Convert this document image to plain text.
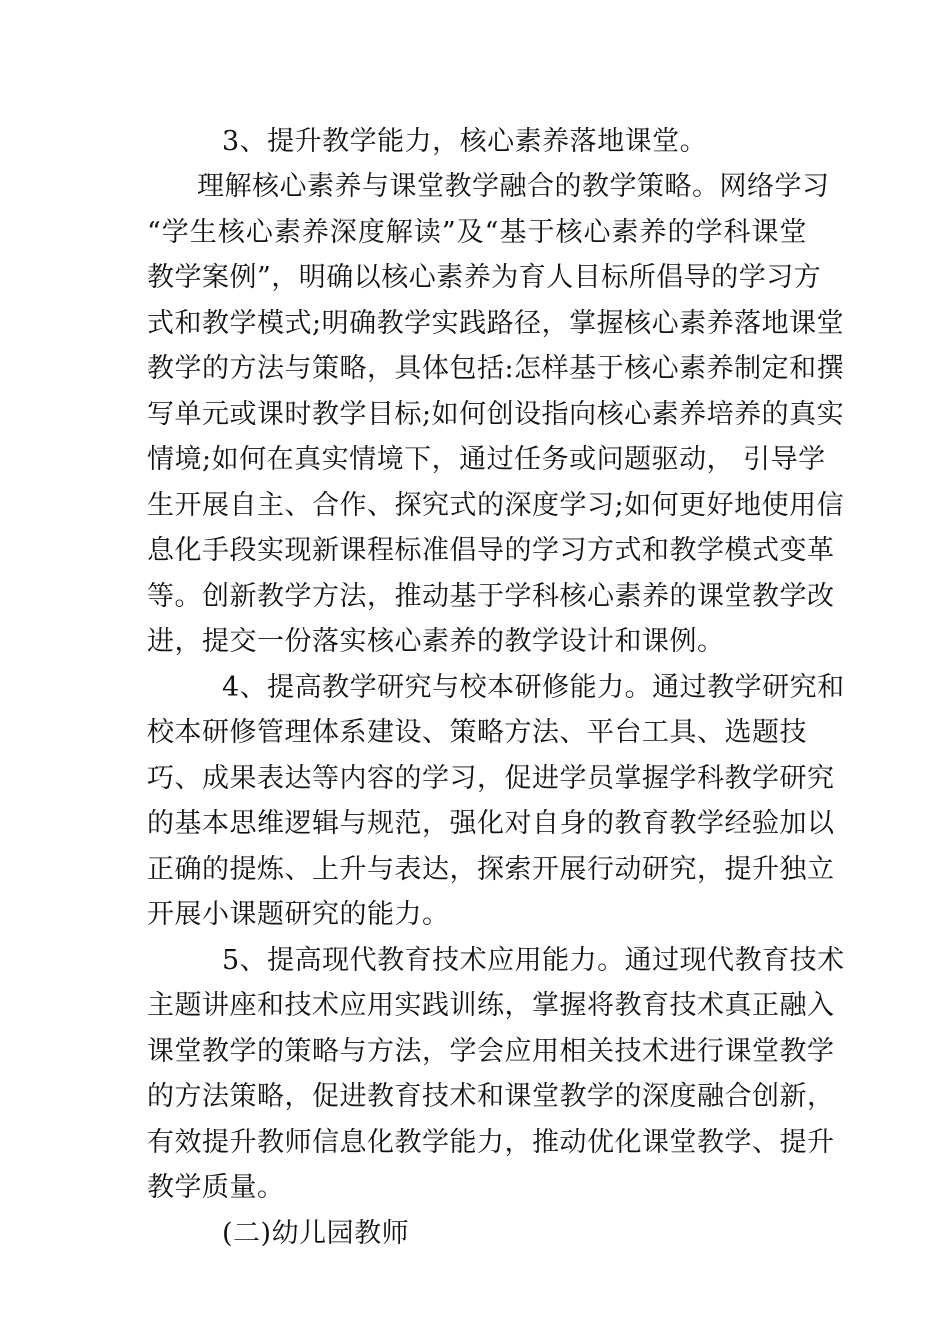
3、提升教学能力，核心素养落地课堂。
理解核心素养与课堂教学融合的教学策略。网络学习
“学生核心素养深度解读”及“基于核心素养的学科课堂
教学案例”，明确以核心素养为育人目标所倡导的学习方
式和教学模式;明确教学实践路径，掌握核心素养落地课堂
教学的方法与策略，具体包括:怎样基于核心素养制定和撰
写单元或课时教学目标;如何创设指向核心素养培养的真实
情境;如何在真实情境下，通过任务或问题驱动， 引导学
生开展自主、合作、探究式的深度学习;如何更好地使用信
息化手段实现新课程标准倡导的学习方式和教学模式变革
等。创新教学方法，推动基于学科核心素养的课堂教学改
进，提交一份落实核心素养的教学设计和课例。
4、提高教学研究与校本研修能力。通过教学研究和
校本研修管理体系建设、策略方法、平台工具、选题技
巧、成果表达等内容的学习，促进学员掌握学科教学研究
的基本思维逻辑与规范，强化对自身的教育教学经验加以
正确的提炼、上升与表达，探索开展行动研究，提升独立
开展小课题研究的能力。
5、提高现代教育技术应用能力。通过现代教育技术
主题讲座和技术应用实践训练，掌握将教育技术真正融入
课堂教学的策略与方法，学会应用相关技术进行课堂教学
的方法策略，促进教育技术和课堂教学的深度融合创新，
有效提升教师信息化教学能力，推动优化课堂教学、提升
教学质量。
(二)幼儿园教师
